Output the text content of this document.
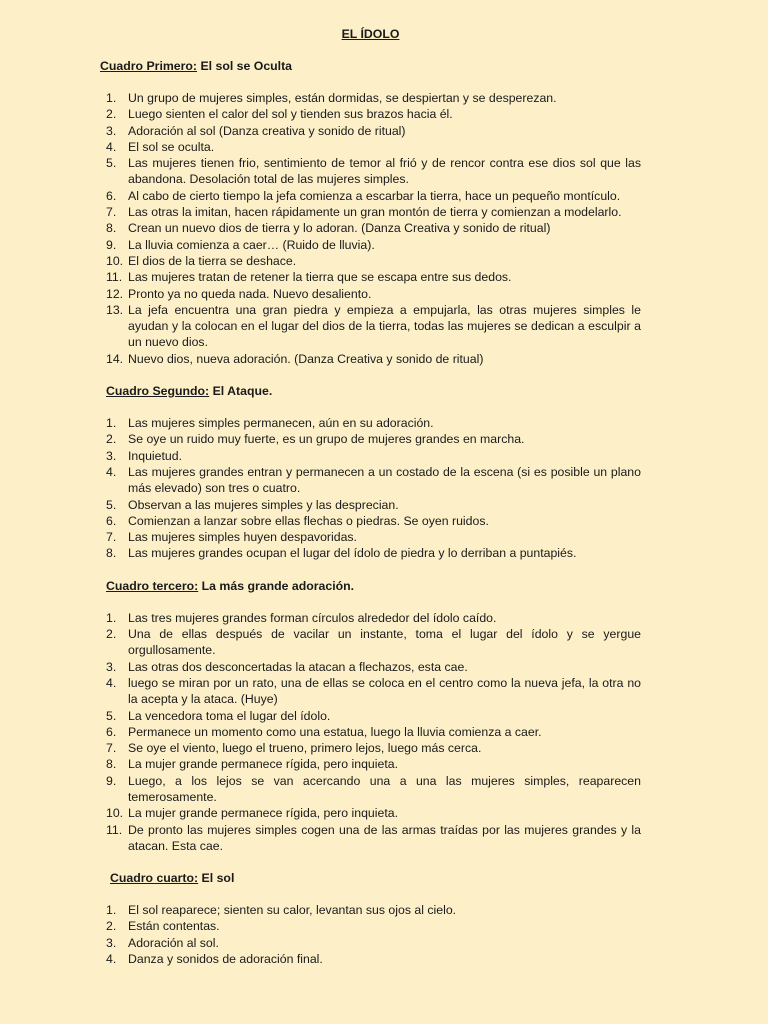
EL ÍDOLO
Cuadro Primero: El sol se Oculta
1. Un grupo de mujeres simples, están dormidas, se despiertan y se desperezan.
2. Luego sienten el calor del sol y tienden sus brazos hacia él.
3. Adoración al sol (Danza creativa y sonido de ritual)
4. El sol se oculta.
5. Las mujeres tienen frio, sentimiento de temor al frió y de rencor contra ese dios sol que las abandona. Desolación total de las mujeres simples.
6. Al cabo de cierto tiempo la jefa comienza a escarbar la tierra, hace un pequeño montículo.
7. Las otras la imitan, hacen rápidamente un gran montón de tierra y comienzan a modelarlo.
8. Crean un nuevo dios de tierra y lo adoran. (Danza Creativa y sonido de ritual)
9. La lluvia comienza a caer… (Ruido de lluvia).
10. El dios de la tierra se deshace.
11. Las mujeres tratan de retener la tierra que se escapa entre sus dedos.
12. Pronto ya no queda nada. Nuevo desaliento.
13. La jefa encuentra una gran piedra y empieza a empujarla, las otras mujeres simples le ayudan y la colocan en el lugar del dios de la tierra, todas las mujeres se dedican a esculpir a un nuevo dios.
14. Nuevo dios, nueva adoración. (Danza Creativa y sonido de ritual)
Cuadro Segundo: El Ataque.
1. Las mujeres simples permanecen, aún en su adoración.
2. Se oye un ruido muy fuerte, es un grupo de mujeres grandes en marcha.
3. Inquietud.
4. Las mujeres grandes entran y permanecen a un costado de la escena (si es posible un plano más elevado) son tres o cuatro.
5. Observan a las mujeres simples y las desprecian.
6. Comienzan a lanzar sobre ellas flechas o piedras. Se oyen ruidos.
7. Las mujeres simples huyen despavoridas.
8. Las mujeres grandes ocupan el lugar del ídolo de piedra y lo derriban a puntapiés.
Cuadro tercero: La más grande adoración.
1. Las tres mujeres grandes forman círculos alrededor del ídolo caído.
2. Una de ellas después de vacilar un instante, toma el lugar del ídolo y se yergue orgullosamente.
3. Las otras dos desconcertadas la atacan a flechazos, esta cae.
4. luego se miran por un rato, una de ellas se coloca en el centro como la nueva jefa, la otra no la acepta y la ataca. (Huye)
5. La vencedora toma el lugar del ídolo.
6. Permanece un momento como una estatua, luego la lluvia comienza a caer.
7. Se oye el viento, luego el trueno, primero lejos, luego más cerca.
8. La mujer grande permanece rígida, pero inquieta.
9. Luego, a los lejos se van acercando una a una las mujeres simples, reaparecen temerosamente.
10. La mujer grande permanece rígida, pero inquieta.
11. De pronto las mujeres simples cogen una de las armas traídas por las mujeres grandes y la atacan. Esta cae.
Cuadro cuarto: El sol
1. El sol reaparece; sienten su calor, levantan sus ojos al cielo.
2. Están contentas.
3. Adoración al sol.
4. Danza y sonidos de adoración final.
